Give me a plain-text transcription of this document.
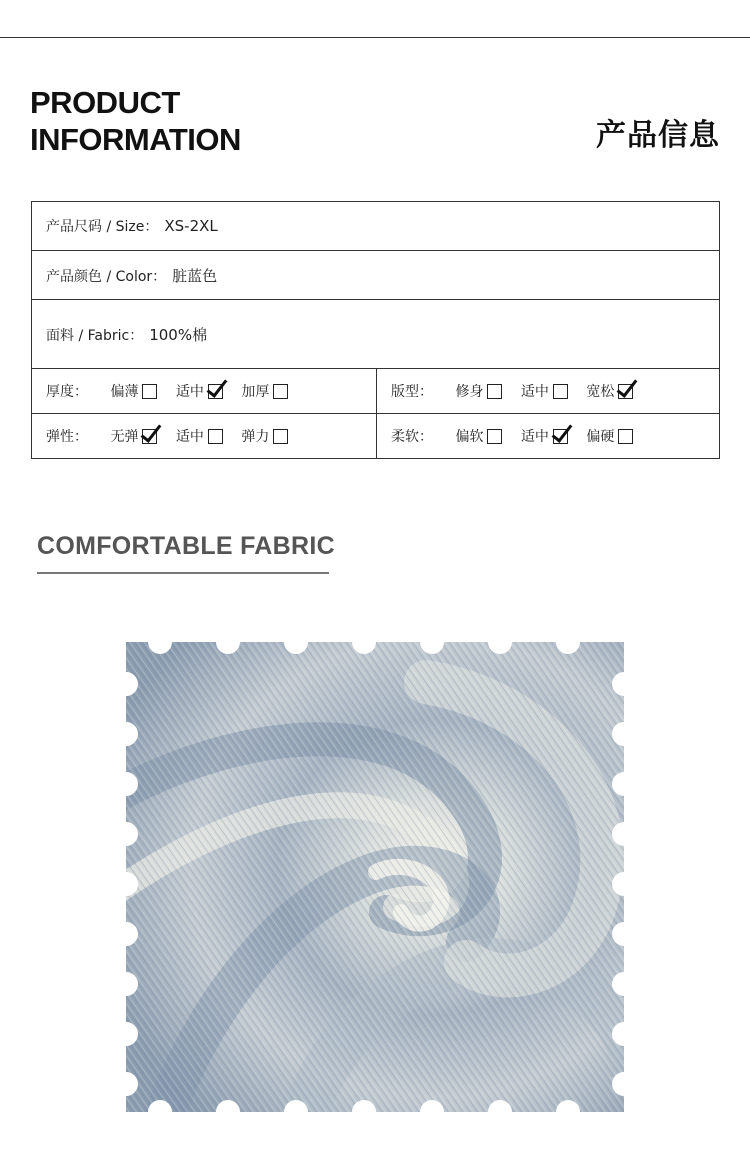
PRODUCT
INFORMATION	产品信息
产品尺码 / Size： XS-2XL	
产品颜色 / Color： 脏蓝色	
面料 / Fabric： 100%棉	
厚度： 偏薄 适中 加厚	版型： 修身 适中 宽松
弹性： 无弹 适中 弹力	柔软： 偏软 适中 偏硬
COMFORTABLE FABRIC
